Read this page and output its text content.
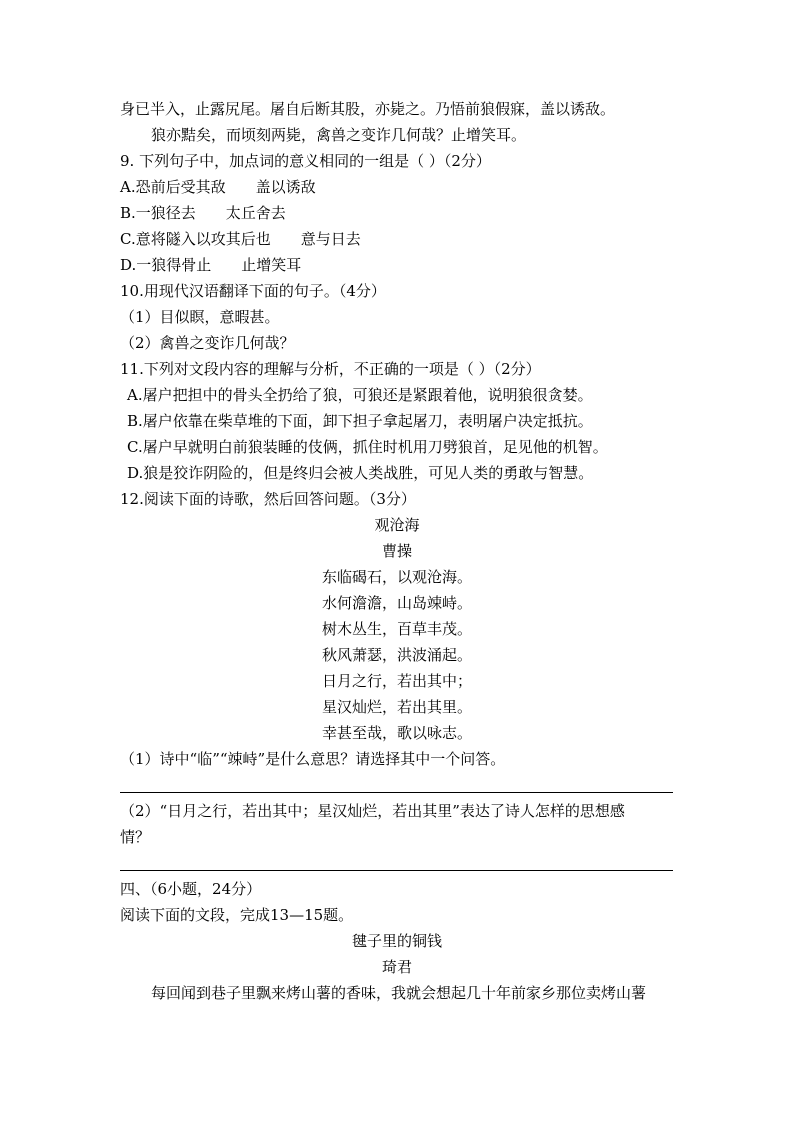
身已半入，止露尻尾。屠自后断其股，亦毙之。乃悟前狼假寐，盖以诱敌。
狼亦黠矣，而顷刻两毙，禽兽之变诈几何哉？止增笑耳。
9. 下列句子中，加点词的意义相同的一组是（ ）（2分）
A.恐前后受其敌 盖以诱敌
B.一狼径去 太丘舍去
C.意将隧入以攻其后也 意与日去
D.一狼得骨止 止增笑耳
10.用现代汉语翻译下面的句子。（4分）
（1）目似瞑，意暇甚。
（2）禽兽之变诈几何哉？
11.下列对文段内容的理解与分析，不正确的一项是（ ）（2分）
A.屠户把担中的骨头全扔给了狼，可狼还是紧跟着他，说明狼很贪婪。
B.屠户依靠在柴草堆的下面，卸下担子拿起屠刀，表明屠户决定抵抗。
C.屠户早就明白前狼装睡的伎俩，抓住时机用刀劈狼首，足见他的机智。
D.狼是狡诈阴险的，但是终归会被人类战胜，可见人类的勇敢与智慧。
12.阅读下面的诗歌，然后回答问题。（3分）
观沧海
曹操
东临碣石，以观沧海。
水何澹澹，山岛竦峙。
树木丛生，百草丰茂。
秋风萧瑟，洪波涌起。
日月之行，若出其中；
星汉灿烂，若出其里。
幸甚至哉，歌以咏志。
（1）诗中“临”“竦峙”是什么意思？请选择其中一个问答。
（2）“日月之行，若出其中；星汉灿烂，若出其里”表达了诗人怎样的思想感
情？
四、（6小题，24分）
阅读下面的文段，完成13—15题。
毽子里的铜钱
琦君
每回闻到巷子里飘来烤山薯的香味，我就会想起几十年前家乡那位卖烤山薯
